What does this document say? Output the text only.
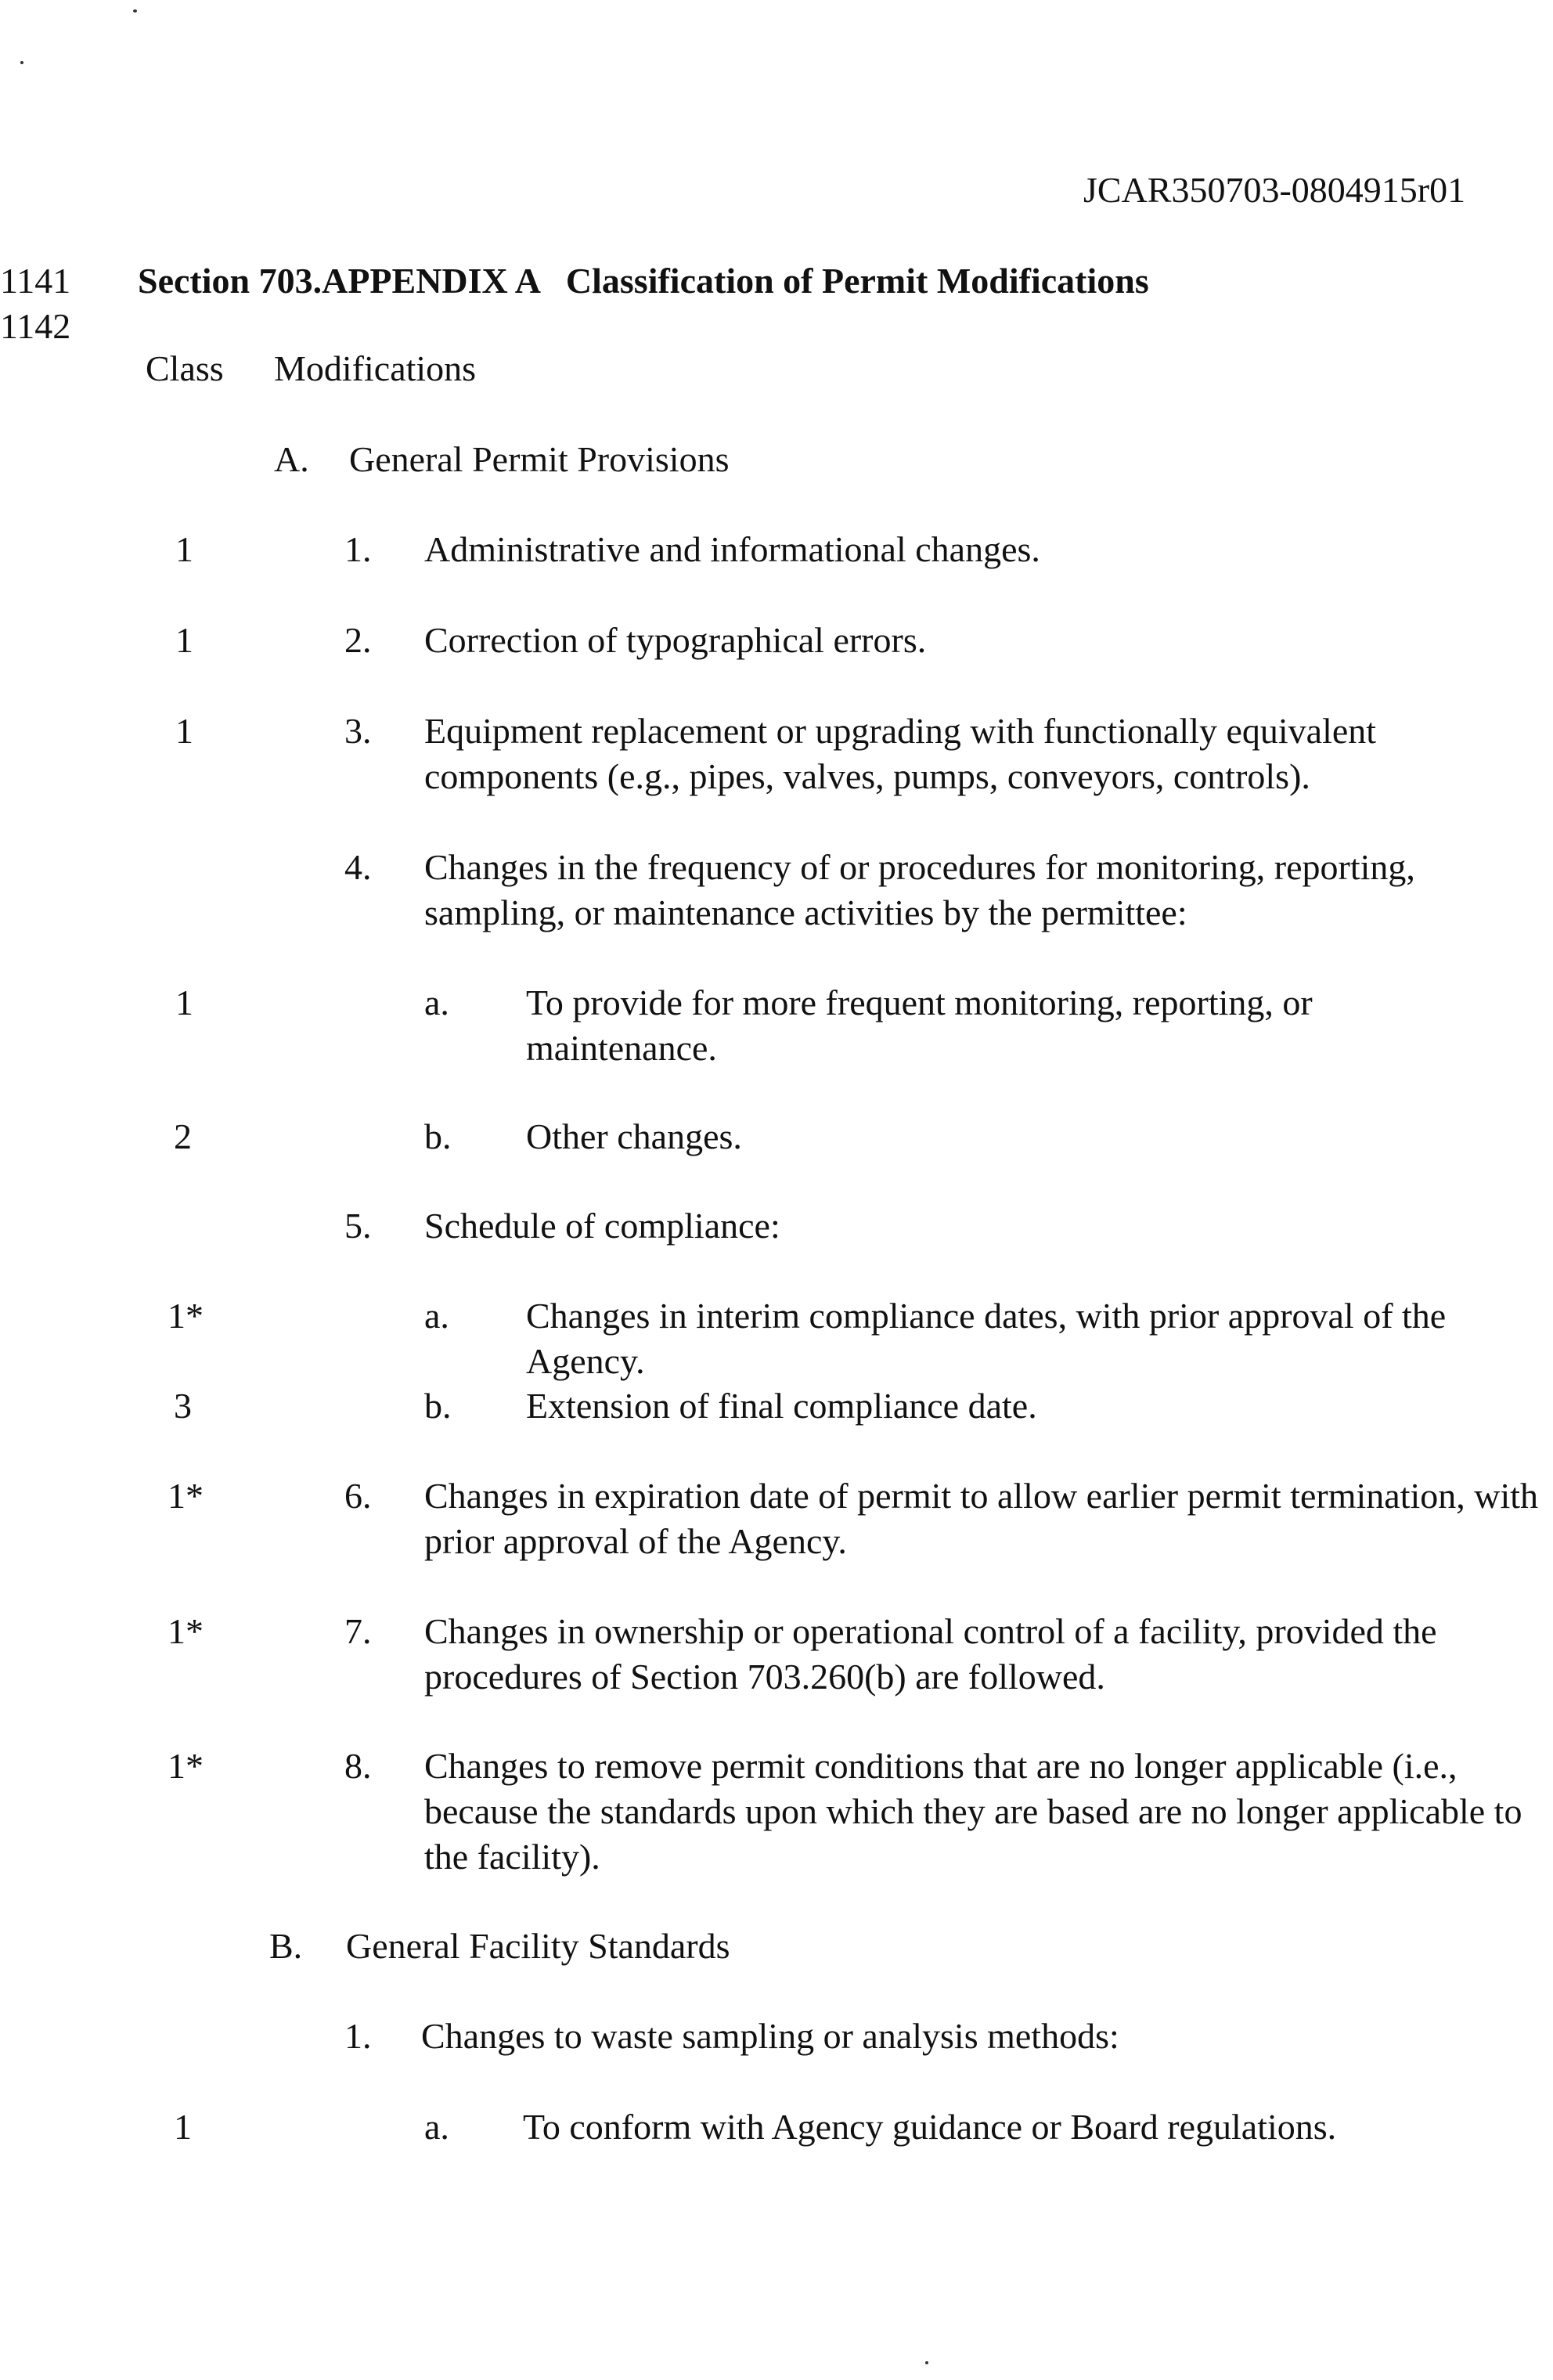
JCAR350703-0804915r01
1141
1142
Section 703.APPENDIX A   Classification of Permit Modifications
Class Modifications
A. General Permit Provisions
1	1. Administrative and informational changes.
1	2. Correction of typographical errors.
1	3. Equipment replacement or upgrading with functionally equivalent components (e.g., pipes, valves, pumps, conveyors, controls).
4. Changes in the frequency of or procedures for monitoring, reporting, sampling, or maintenance activities by the permittee:
1	a. To provide for more frequent monitoring, reporting, or maintenance.
2	b. Other changes.
5. Schedule of compliance:
1*	a. Changes in interim compliance dates, with prior approval of the Agency.
3	b. Extension of final compliance date.
1*	6. Changes in expiration date of permit to allow earlier permit termination, with prior approval of the Agency.
1*	7. Changes in ownership or operational control of a facility, provided the procedures of Section 703.260(b) are followed.
1*	8. Changes to remove permit conditions that are no longer applicable (i.e., because the standards upon which they are based are no longer applicable to the facility).
B. General Facility Standards
1. Changes to waste sampling or analysis methods:
1	a. To conform with Agency guidance or Board regulations.
